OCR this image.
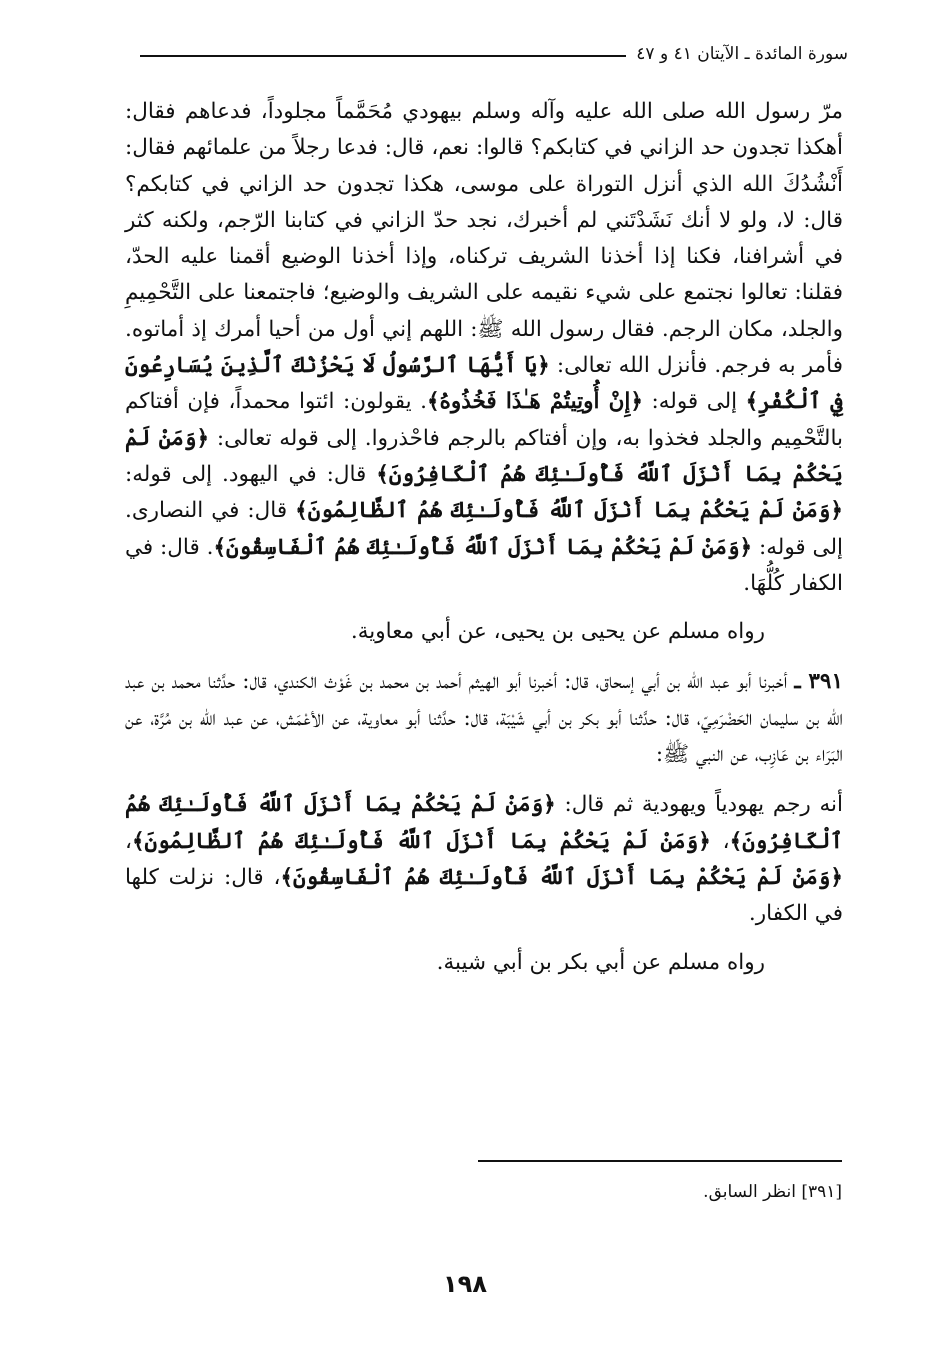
سورة المائدة ـ الآيتان ٤١ و ٤٧

مرّ رسول الله صلى الله عليه وآله وسلم بيهودي مُحَمَّماً مجلوداً، فدعاهم فقال: أهكذا تجدون حد الزاني في كتابكم؟ قالوا: نعم، قال: فدعا رجلاً من علمائهم فقال: أَنْشُدُكَ الله الذي أنزل التوراة على موسى، هكذا تجدون حد الزاني في كتابكم؟ قال: لا، ولو لا أنك نَشَدْتَني لم أخبرك، نجد حدّ الزاني في كتابنا الرّجم، ولكنه كثر في أشرافنا، فكنا إذا أخذنا الشريف تركناه، وإذا أخذنا الوضيع أقمنا عليه الحدّ، فقلنا: تعالوا نجتمع على شيء نقيمه على الشريف والوضيع؛ فاجتمعنا على التَّحْمِيمِ والجلد، مكان الرجم. فقال رسول الله ﷺ: اللهم إني أول من أحيا أمرك إذ أماتوه. فأمر به فرجم. فأنزل الله تعالى: ﴿يَا أَيُّهَا ٱلرَّسُولُ لَا يَحْزُنْكَ ٱلَّذِينَ يُسَارِعُونَ فِي ٱلْكُفْرِ﴾ إلى قوله: ﴿إِنْ أُوتِيتُمْ هَـٰذَا فَخُذُوهُ﴾. يقولون: ائتوا محمداً، فإن أفتاكم بالتَّحْمِيم والجلد فخذوا به، وإن أفتاكم بالرجم فاحْذروا. إلى قوله تعالى: ﴿وَمَنْ لَمْ يَحْكُمْ بِمَا أَنْزَلَ ٱللَّهُ فَأُولَـٰئِكَ هُمُ ٱلْكَافِرُونَ﴾ قال: في اليهود. إلى قوله: ﴿وَمَنْ لَمْ يَحْكُمْ بِمَا أَنْزَلَ ٱللَّهُ فَأُولَـٰئِكَ هُمُ ٱلظَّالِمُونَ﴾ قال: في النصارى. إلى قوله: ﴿وَمَنْ لَمْ يَحْكُمْ بِمَا أَنْزَلَ ٱللَّهُ فَأُولَـٰئِكَ هُمُ ٱلْفَاسِقُونَ﴾. قال: في الكفار كُلُّهَا.

رواه مسلم عن يحيى بن يحيى، عن أبي معاوية.

٣٩١ ـ أخبرنا أبو عبد الله بن أبي إسحاق، قال: أخبرنا أبو الهيثم أحمد بن محمد بن غَوْث الكندي، قال: حدَّثنا محمد بن عبد الله بن سليمان الحَضْرَمِيّ، قال: حدَّثنا أبو بكر بن أبي شَيْبَة، قال: حدَّثنا أبو معاوية، عن الأعْمَش، عن عبد الله بن مُرَّة، عن البَرَاء بن عَازِب، عن النبي ﷺ:

أنه رجم يهودياً ويهودية ثم قال: ﴿وَمَنْ لَمْ يَحْكُمْ بِمَا أَنْزَلَ ٱللَّهُ فَأُولَـٰئِكَ هُمُ ٱلْكَافِرُونَ﴾، ﴿وَمَنْ لَمْ يَحْكُمْ بِمَا أَنْزَلَ ٱللَّهُ فَأُولَـٰئِكَ هُمُ ٱلظَّالِمُونَ﴾، ﴿وَمَنْ لَمْ يَحْكُمْ بِمَا أَنْزَلَ ٱللَّهُ فَأُولَـٰئِكَ هُمُ ٱلْفَاسِقُونَ﴾، قال: نزلت كلها في الكفار.

رواه مسلم عن أبي بكر بن أبي شيبة.

[٣٩١] انظر السابق.
١٩٨
